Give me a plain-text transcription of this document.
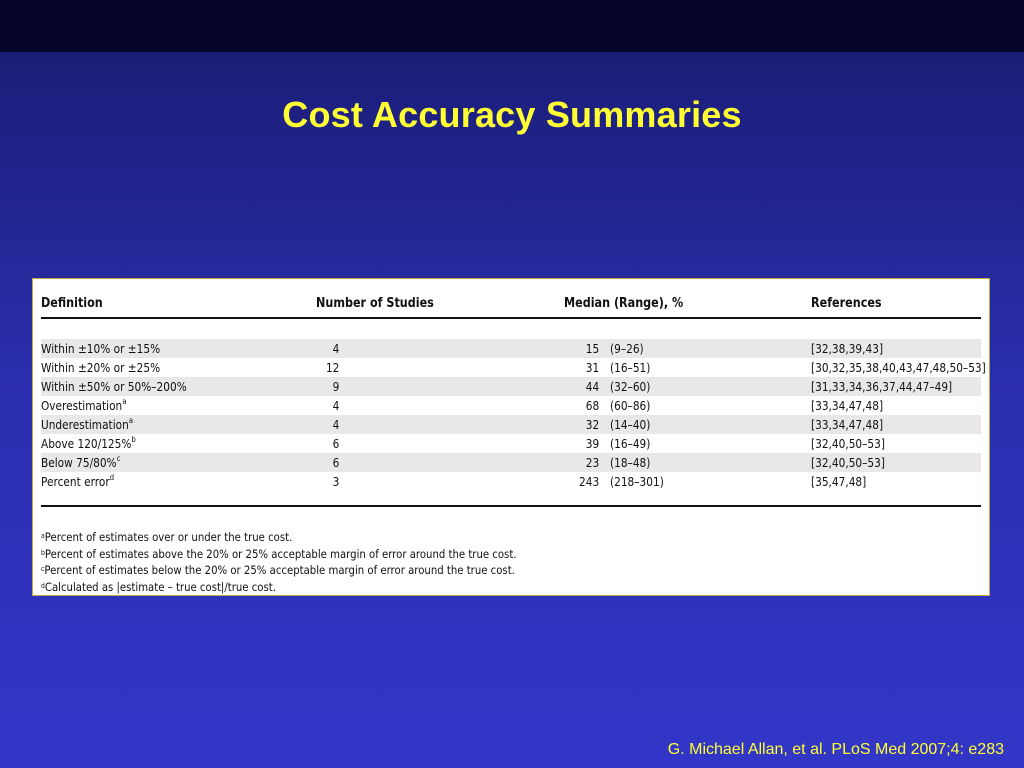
Cost Accuracy Summaries
Definition	Number of Studies	Median (Range), %	References
Within ±10% or ±15%	4	15 (9–26)	[32,38,39,43]
Within ±20% or ±25%	12	31 (16–51)	[30,32,35,38,40,43,47,48,50–53]
Within ±50% or 50%–200%	9	44 (32–60)	[31,33,34,36,37,44,47–49]
Overestimation$^a$	4	68 (60–86)	[33,34,47,48]
Underestimation$^a$	4	32 (14–40)	[33,34,47,48]
Above 120/125%$^b$	6	39 (16–49)	[32,40,50–53]
Below 75/80%$^c$	6	23 (18–48)	[32,40,50–53]
Percent error$^d$	3	243 (218–301)	[35,47,48]
$^a$Percent of estimates over or under the true cost.
$^b$Percent of estimates above the 20% or 25% acceptable margin of error around the true cost.
$^c$Percent of estimates below the 20% or 25% acceptable margin of error around the true cost.
$^d$Calculated as |estimate – true cost|/true cost.
G. Michael Allan, et al. PLoS Med 2007;4: e283
